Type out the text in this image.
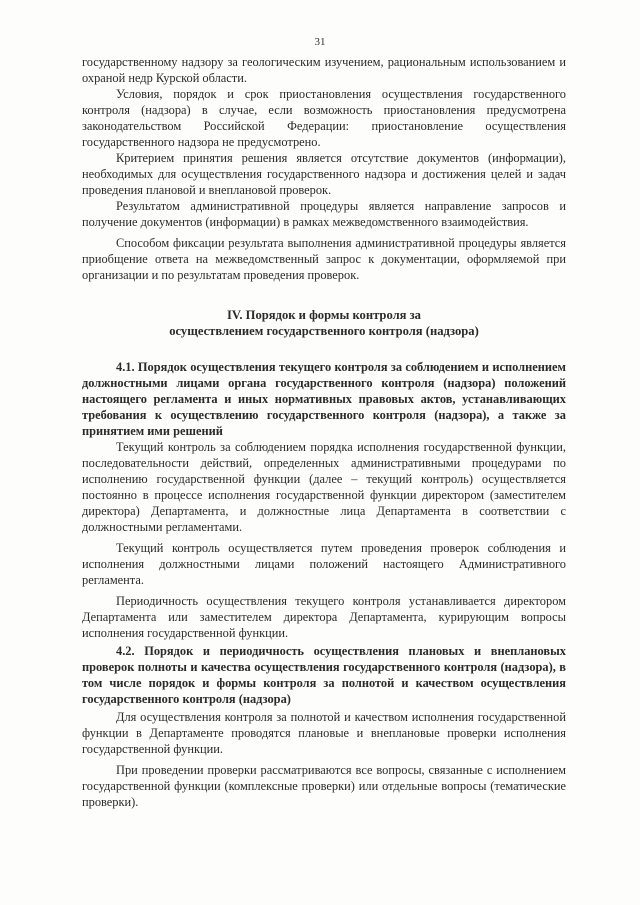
31

государственному надзору за геологическим изучением, рациональным использованием и охраной недр Курской области.

Условия, порядок и срок приостановления осуществления государственного контроля (надзора) в случае, если возможность приостановления предусмотрена законодательством Российской Федерации: приостановление осуществления государственного надзора не предусмотрено.

Критерием принятия решения является отсутствие документов (информации), необходимых для осуществления государственного надзора и достижения целей и задач проведения плановой и внеплановой проверок.

Результатом административной процедуры является направление запросов и получение документов (информации) в рамках межведомственного взаимодействия.

Способом фиксации результата выполнения административной процедуры является приобщение ответа на межведомственный запрос к документации, оформляемой при организации и по результатам проведения проверок.

IV. Порядок и формы контроля за
осуществлением государственного контроля (надзора)

4.1. Порядок осуществления текущего контроля за соблюдением и исполнением должностными лицами органа государственного контроля (надзора) положений настоящего регламента и иных нормативных правовых актов, устанавливающих требования к осуществлению государственного контроля (надзора), а также за принятием ими решений

Текущий контроль за соблюдением порядка исполнения государственной функции, последовательности действий, определенных административными процедурами по исполнению государственной функции (далее – текущий контроль) осуществляется постоянно в процессе исполнения государственной функции директором (заместителем директора) Департамента, и должностные лица Департамента в соответствии с должностными регламентами.

Текущий контроль осуществляется путем проведения проверок соблюдения и исполнения должностными лицами положений настоящего Административного регламента.

Периодичность осуществления текущего контроля устанавливается директором Департамента или заместителем директора Департамента, курирующим вопросы исполнения государственной функции.

4.2. Порядок и периодичность осуществления плановых и внеплановых проверок полноты и качества осуществления государственного контроля (надзора), в том числе порядок и формы контроля за полнотой и качеством осуществления государственного контроля (надзора)

Для осуществления контроля за полнотой и качеством исполнения государственной функции в Департаменте проводятся плановые и внеплановые проверки исполнения государственной функции.

При проведении проверки рассматриваются все вопросы, связанные с исполнением государственной функции (комплексные проверки) или отдельные вопросы (тематические проверки).
